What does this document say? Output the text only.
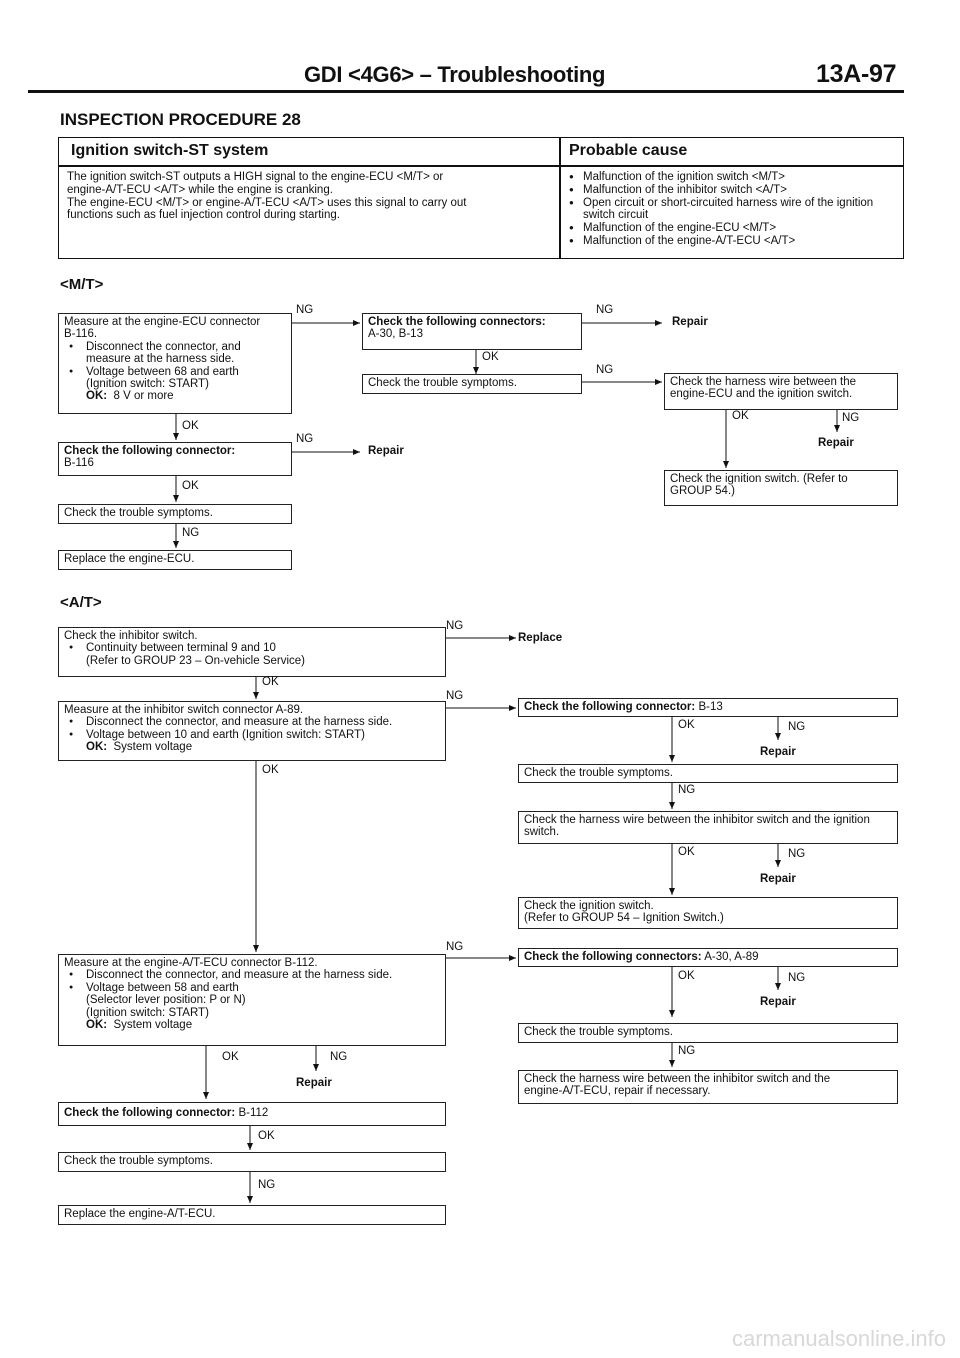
GDI <4G6> – Troubleshooting	13A-97
INSPECTION PROCEDURE 28
Ignition switch-ST system	Probable cause
The ignition switch-ST outputs a HIGH signal to the engine-ECU <M/T> or
engine-A/T-ECU <A/T> while the engine is cranking.
The engine-ECU <M/T> or engine-A/T-ECU <A/T> uses this signal to carry out
functions such as fuel injection control during starting.
● Malfunction of the ignition switch <M/T>
● Malfunction of the inhibitor switch <A/T>
● Open circuit or short-circuited harness wire of the ignition switch circuit
● Malfunction of the engine-ECU <M/T>
● Malfunction of the engine-A/T-ECU <A/T>
<M/T>
Measure at the engine-ECU connector
B-116.
● Disconnect the connector, and
measure at the harness side.
● Voltage between 68 and earth
(Ignition switch: START)
OK: 8 V or more
Check the following connectors:
A-30, B-13
Check the trouble symptoms.
Check the following connector:
B-116
Check the trouble symptoms.
Replace the engine-ECU.
Check the harness wire between the
engine-ECU and the ignition switch.
Check the ignition switch. (Refer to
GROUP 54.)
Repair
Repair
Repair
NG	NG
OK
NG
OK
NG
OK
NG
OK	NG
<A/T>
Check the inhibitor switch.
● Continuity between terminal 9 and 10
(Refer to GROUP 23 – On-vehicle Service)
Replace
Measure at the inhibitor switch connector A-89.
● Disconnect the connector, and measure at the harness side.
● Voltage between 10 and earth (Ignition switch: START)
OK: System voltage
Check the following connector: B-13
Check the trouble symptoms.
Check the harness wire between the inhibitor switch and the ignition
switch.
Check the ignition switch.
(Refer to GROUP 54 – Ignition Switch.)
Measure at the engine-A/T-ECU connector B-112.
● Disconnect the connector, and measure at the harness side.
● Voltage between 58 and earth
(Selector lever position: P or N)
(Ignition switch: START)
OK: System voltage
Check the following connectors: A-30, A-89
Check the trouble symptoms.
Check the harness wire between the inhibitor switch and the
engine-A/T-ECU, repair if necessary.
Check the following connector: B-112
Check the trouble symptoms.
Replace the engine-A/T-ECU.
Repair
Repair
Repair
Repair
NG
OK
NG
OK
OK	NG
NG
OK	NG
NG
OK	NG
NG
OK	NG
OK
NG
carmanualsonline.info
